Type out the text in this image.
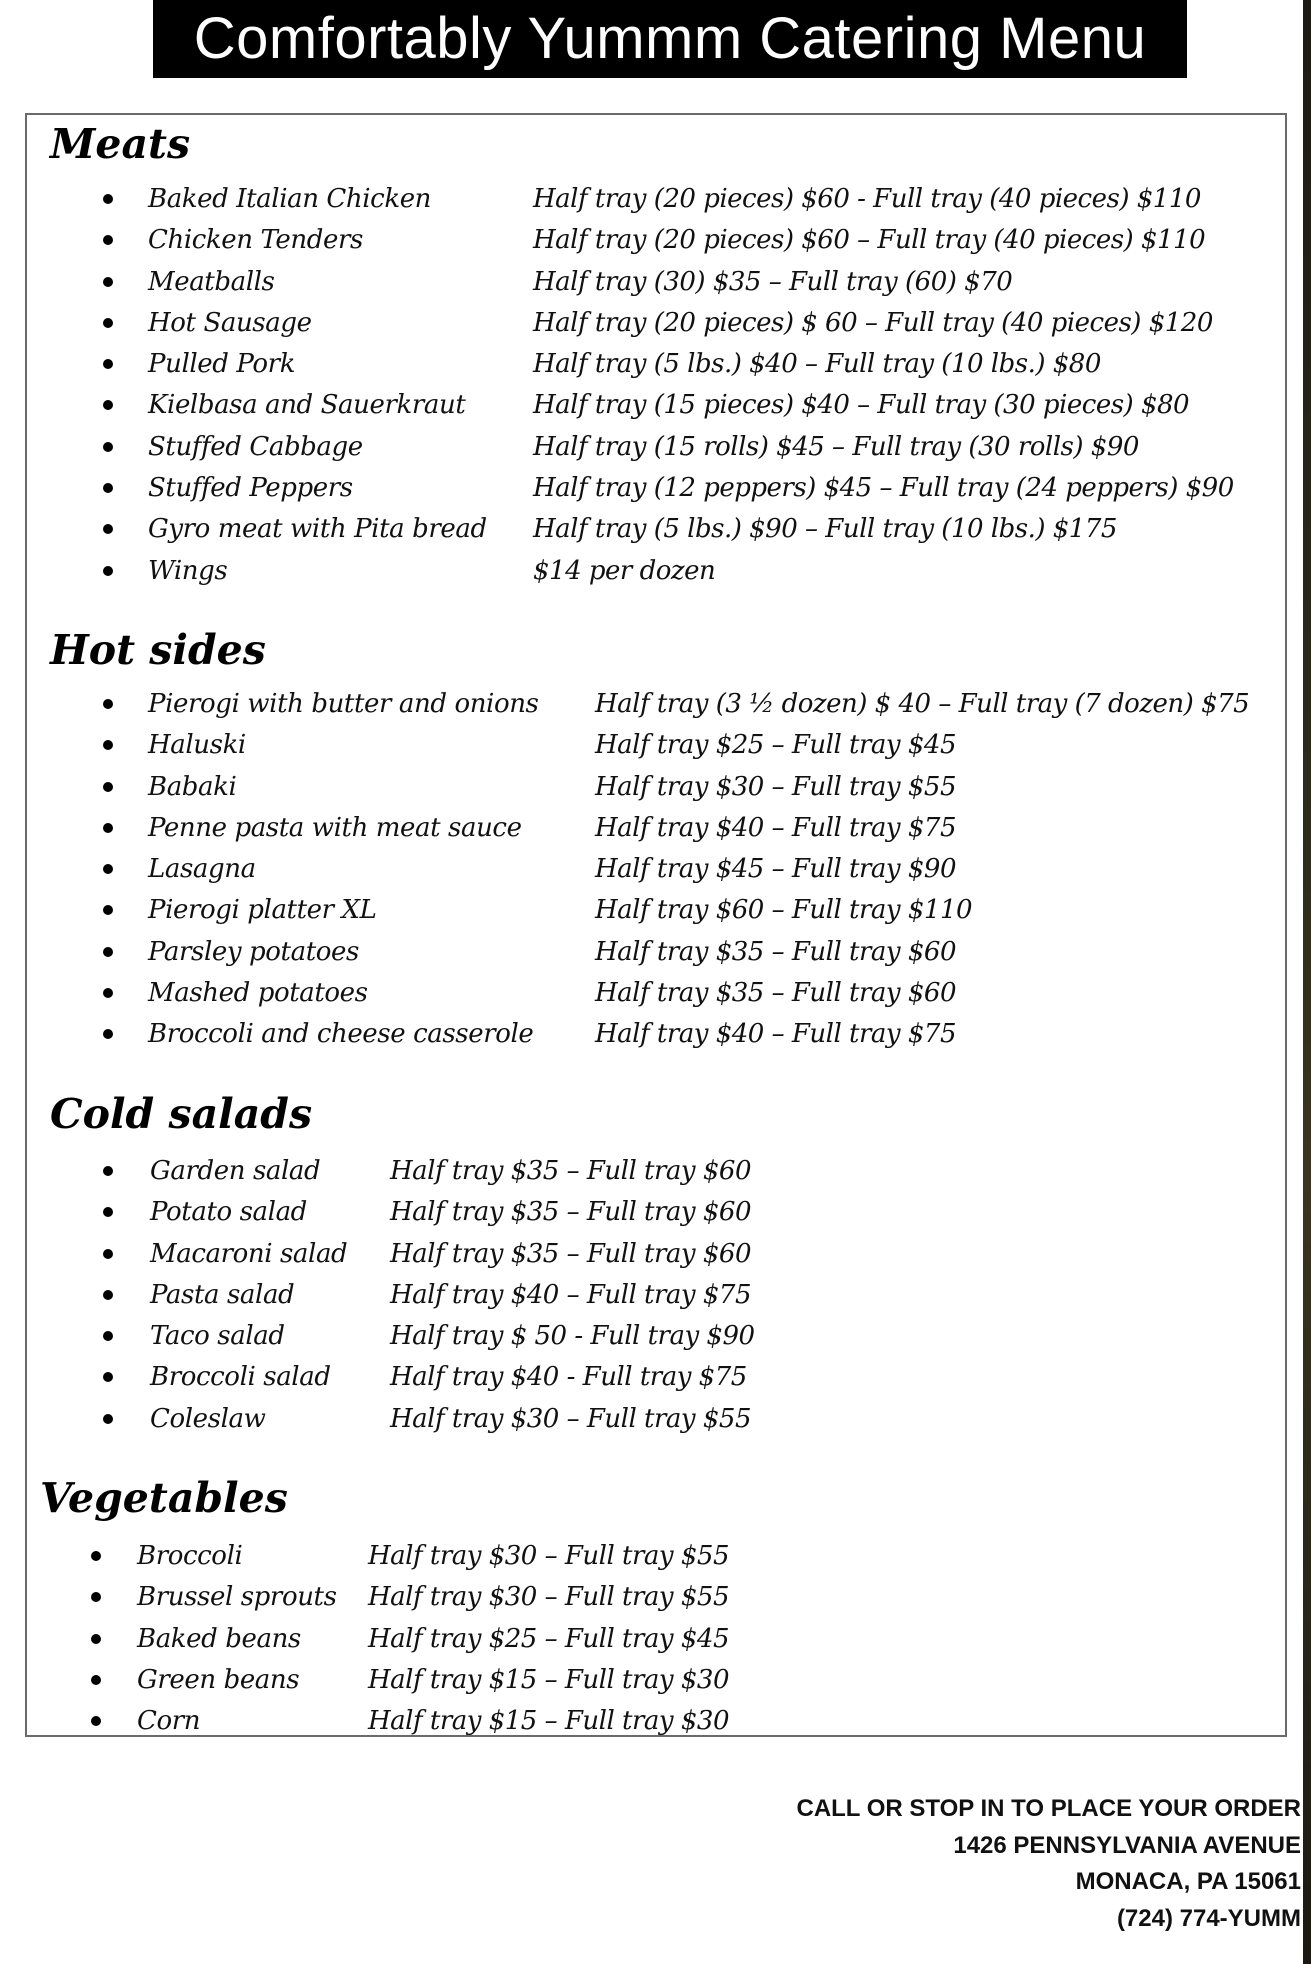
Comfortably Yummm Catering Menu
Meats
Baked Italian Chicken	Half tray (20 pieces) $60 - Full tray (40 pieces) $110
Chicken Tenders	Half tray (20 pieces) $60 – Full tray (40 pieces) $110
Meatballs	Half tray (30) $35 – Full tray (60) $70
Hot Sausage	Half tray (20 pieces) $ 60 – Full tray (40 pieces) $120
Pulled Pork	Half tray (5 lbs.) $40 – Full tray (10 lbs.) $80
Kielbasa and Sauerkraut	Half tray (15 pieces) $40 – Full tray (30 pieces) $80
Stuffed Cabbage	Half tray (15 rolls) $45 – Full tray (30 rolls) $90
Stuffed Peppers	Half tray (12 peppers) $45 – Full tray (24 peppers) $90
Gyro meat with Pita bread Half tray (5 lbs.) $90 – Full tray (10 lbs.) $175
Wings	$14 per dozen
Hot sides
Pierogi with butter and onions Half tray (3 ½ dozen) $ 40 – Full tray (7 dozen) $75
Haluski	Half tray $25 – Full tray $45
Babaki	Half tray $30 – Full tray $55
Penne pasta with meat sauce	Half tray $40 – Full tray $75
Lasagna	Half tray $45 – Full tray $90
Pierogi platter XL	Half tray $60 – Full tray $110
Parsley potatoes	Half tray $35 – Full tray $60
Mashed potatoes	Half tray $35 – Full tray $60
Broccoli and cheese casserole Half tray $40 – Full tray $75
Cold salads
Garden salad	Half tray $35 – Full tray $60
Potato salad	Half tray $35 – Full tray $60
Macaroni salad Half tray $35 – Full tray $60
Pasta salad	Half tray $40 – Full tray $75
Taco salad	Half tray $ 50 - Full tray $90
Broccoli salad Half tray $40 - Full tray $75
Coleslaw	Half tray $30 – Full tray $55
Vegetables
Broccoli	Half tray $30 – Full tray $55
Brussel sprouts Half tray $30 – Full tray $55
Baked beans	Half tray $25 – Full tray $45
Green beans	Half tray $15 – Full tray $30
Corn	Half tray $15 – Full tray $30
CALL OR STOP IN TO PLACE YOUR ORDER
1426 PENNSYLVANIA AVENUE
MONACA, PA 15061
(724) 774-YUMM
